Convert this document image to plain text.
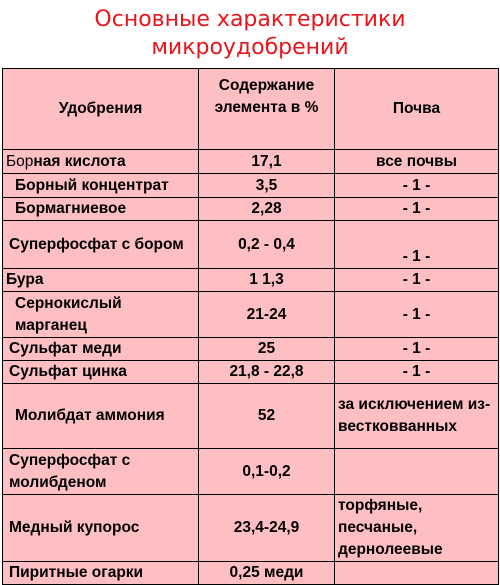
Основные характеристики
микроудобрений
Удобрения	Содержание элемента в %	Почва
Борная кислота	17,1	все почвы
Борный концентрат	3,5	- 1 -
Бормагниевое	2,28	- 1 -
Суперфосфат с бором	0,2 - 0,4	- 1 -
Бура	1 1,3	- 1 -
Сернокислый марганец	21-24	- 1 -
Сульфат меди	25	- 1 -
Сульфат цинка	21,8 - 22,8	- 1 -
Молибдат аммония	52	за исключением из-вестковванных
Суперфосфат с молибденом	0,1-0,2	
Медный купорос	23,4-24,9	торфяные, песчаные, дернолеевые
Пиритные огарки	0,25 меди	
